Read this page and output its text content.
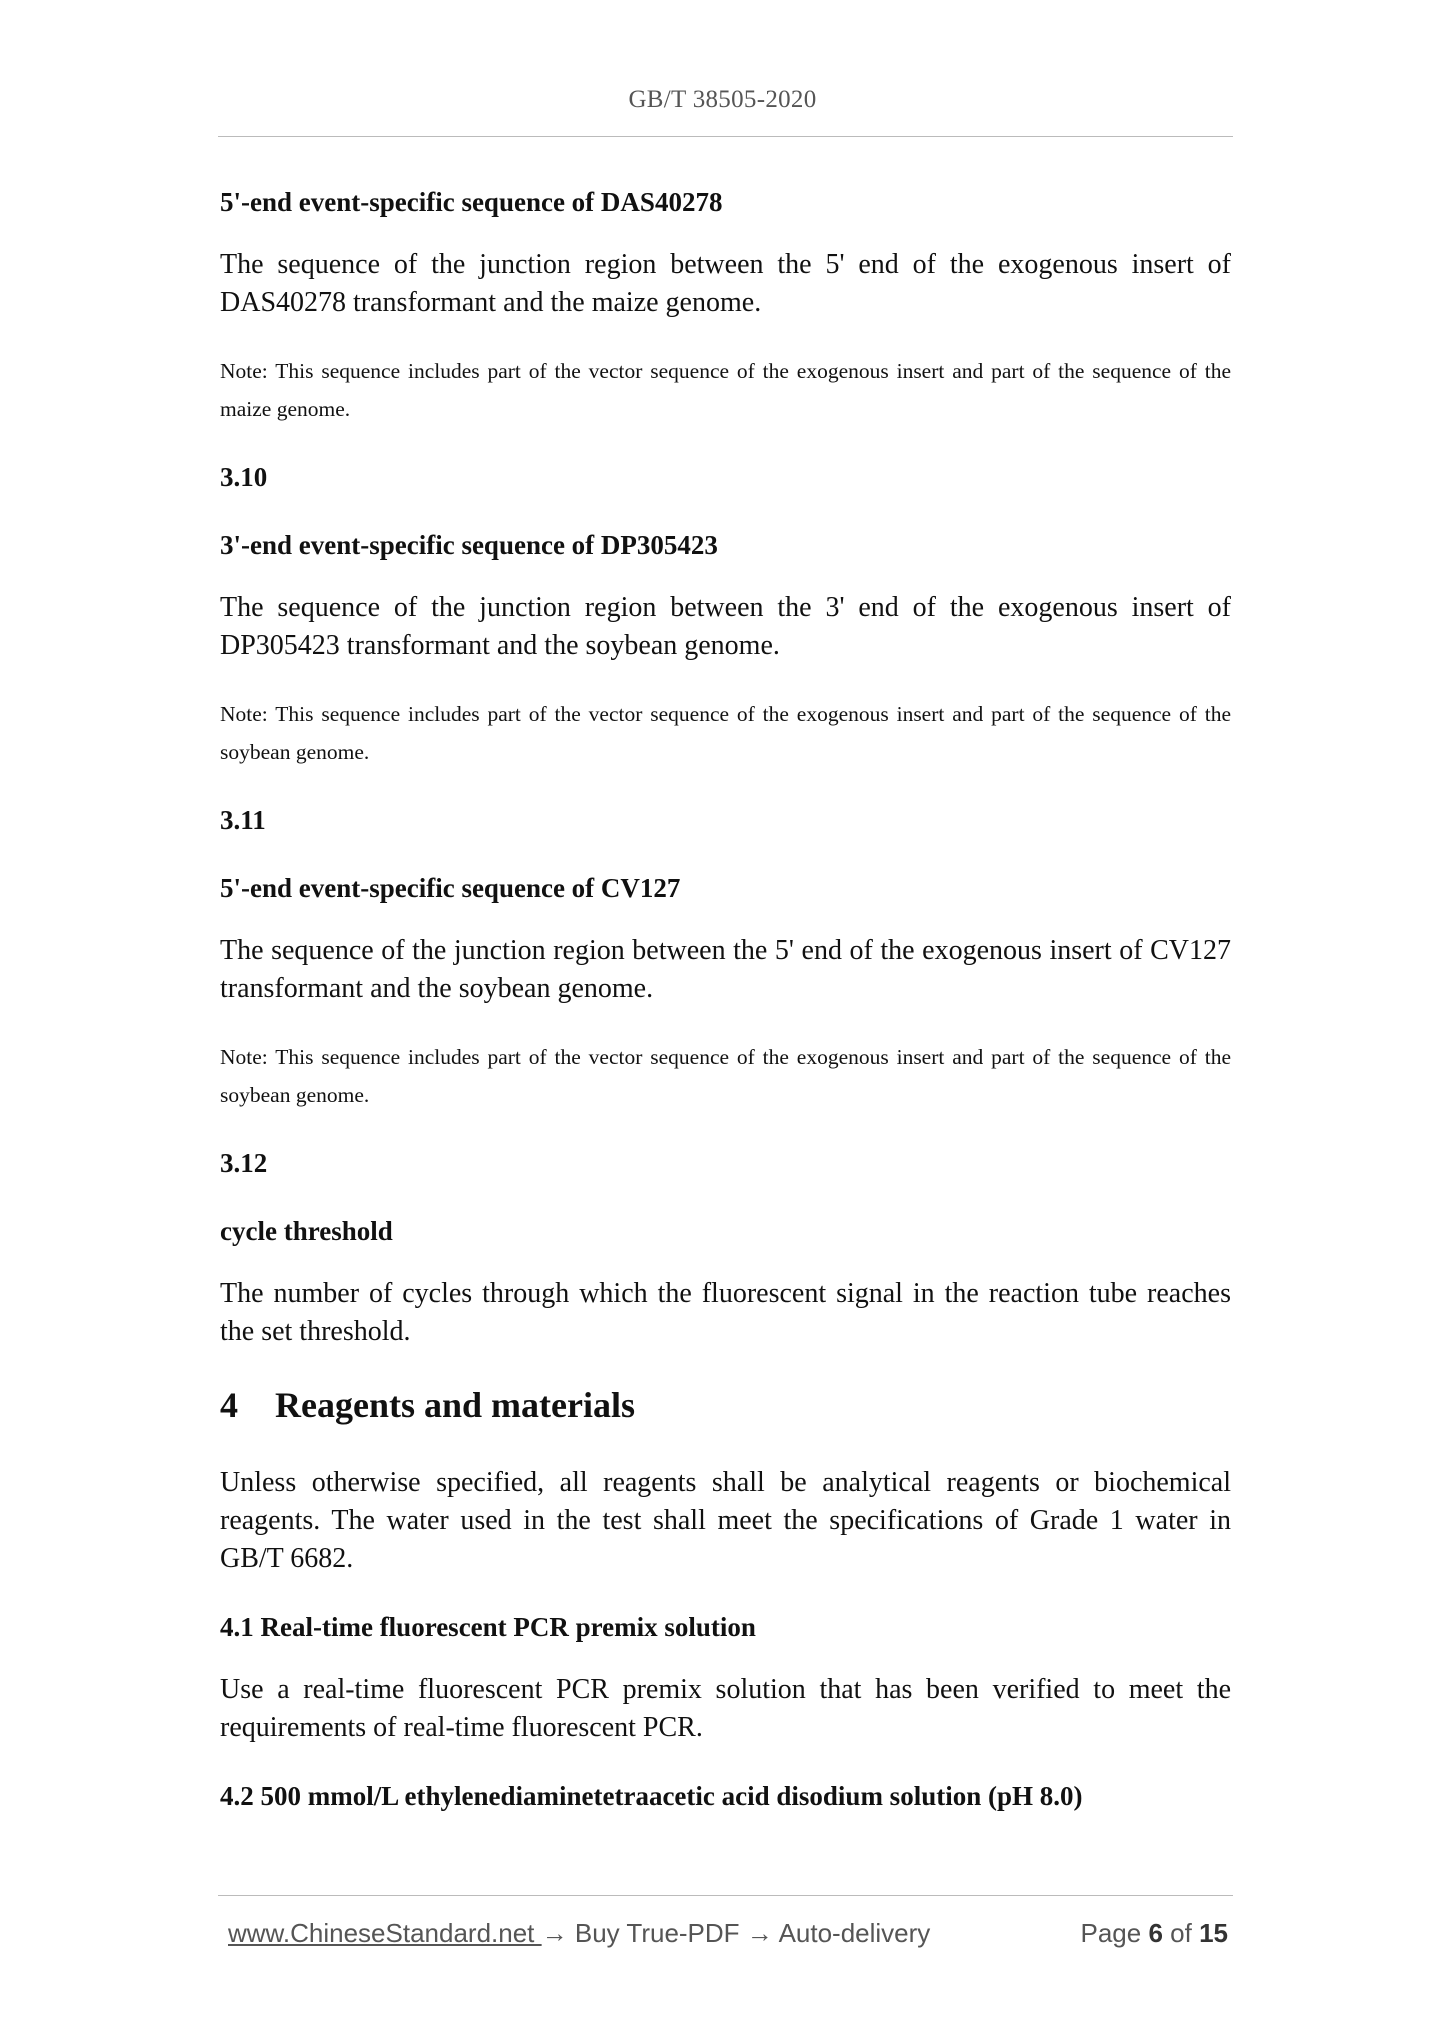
GB/T 38505-2020
5'-end event-specific sequence of DAS40278
The sequence of the junction region between the 5' end of the exogenous insert of DAS40278 transformant and the maize genome.
Note: This sequence includes part of the vector sequence of the exogenous insert and part of the sequence of the maize genome.
3.10
3'-end event-specific sequence of DP305423
The sequence of the junction region between the 3' end of the exogenous insert of DP305423 transformant and the soybean genome.
Note: This sequence includes part of the vector sequence of the exogenous insert and part of the sequence of the soybean genome.
3.11
5'-end event-specific sequence of CV127
The sequence of the junction region between the 5' end of the exogenous insert of CV127 transformant and the soybean genome.
Note: This sequence includes part of the vector sequence of the exogenous insert and part of the sequence of the soybean genome.
3.12
cycle threshold
The number of cycles through which the fluorescent signal in the reaction tube reaches the set threshold.
4	Reagents and materials
Unless otherwise specified, all reagents shall be analytical reagents or biochemical reagents. The water used in the test shall meet the specifications of Grade 1 water in GB/T 6682.
4.1 Real-time fluorescent PCR premix solution
Use a real-time fluorescent PCR premix solution that has been verified to meet the requirements of real-time fluorescent PCR.
4.2 500 mmol/L ethylenediaminetetraacetic acid disodium solution (pH 8.0)
www.ChineseStandard.net → Buy True-PDF → Auto-delivery	Page 6 of 15
